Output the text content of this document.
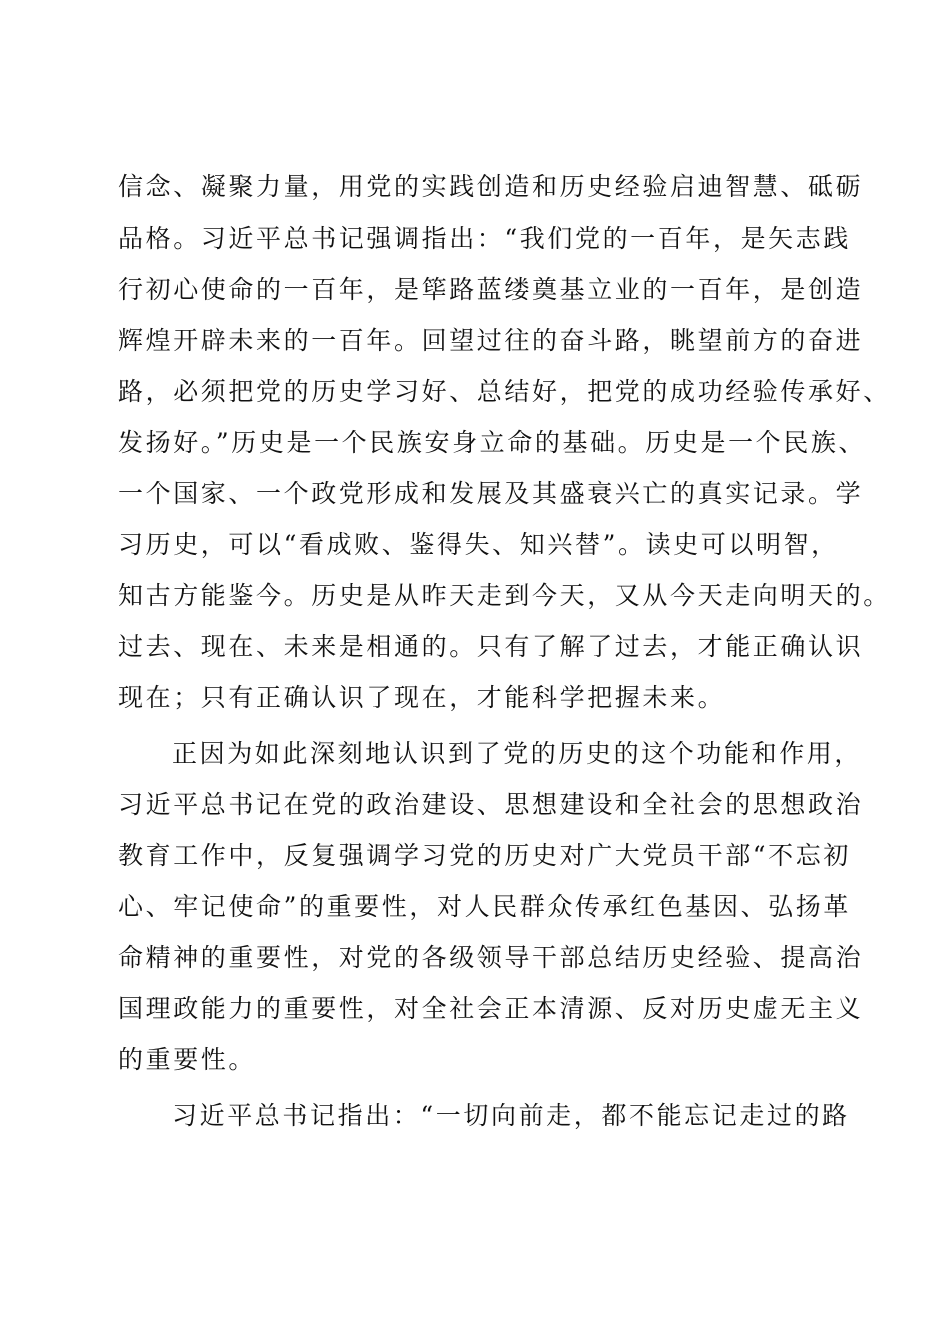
信念、凝聚力量，用党的实践创造和历史经验启迪智慧、砥砺
品格。习近平总书记强调指出：“我们党的一百年，是矢志践
行初心使命的一百年，是筚路蓝缕奠基立业的一百年，是创造
辉煌开辟未来的一百年。回望过往的奋斗路，眺望前方的奋进
路，必须把党的历史学习好、总结好，把党的成功经验传承好、
发扬好。”历史是一个民族安身立命的基础。历史是一个民族、
一个国家、一个政党形成和发展及其盛衰兴亡的真实记录。学
习历史，可以“看成败、鉴得失、知兴替”。读史可以明智，
知古方能鉴今。历史是从昨天走到今天，又从今天走向明天的。
过去、现在、未来是相通的。只有了解了过去，才能正确认识
现在；只有正确认识了现在，才能科学把握未来。
正因为如此深刻地认识到了党的历史的这个功能和作用，
习近平总书记在党的政治建设、思想建设和全社会的思想政治
教育工作中，反复强调学习党的历史对广大党员干部“不忘初
心、牢记使命”的重要性，对人民群众传承红色基因、弘扬革
命精神的重要性，对党的各级领导干部总结历史经验、提高治
国理政能力的重要性，对全社会正本清源、反对历史虚无主义
的重要性。
习近平总书记指出：“一切向前走，都不能忘记走过的路
